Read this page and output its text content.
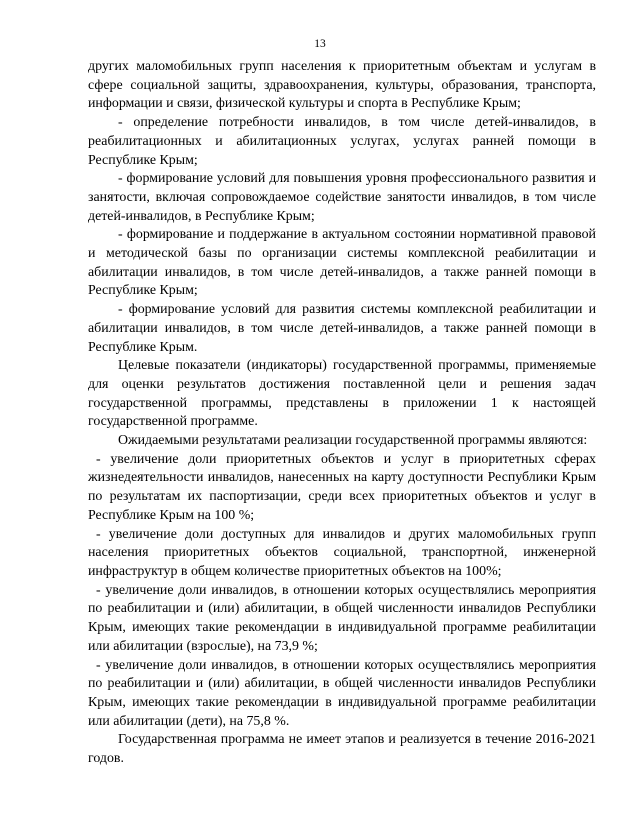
13

других маломобильных групп населения к приоритетным объектам и услугам в сфере социальной защиты, здравоохранения, культуры, образования, транспорта, информации и связи, физической культуры и спорта в Республике Крым;

- определение потребности инвалидов, в том числе детей-инвалидов, в реабилитационных и абилитационных услугах, услугах ранней помощи в Республике Крым;

- формирование условий для повышения уровня профессионального развития и занятости, включая сопровождаемое содействие занятости инвалидов, в том числе детей-инвалидов, в Республике Крым;

- формирование и поддержание в актуальном состоянии нормативной правовой и методической базы по организации системы комплексной реабилитации и абилитации инвалидов, в том числе детей-инвалидов, а также ранней помощи в Республике Крым;

- формирование условий для развития системы комплексной реабилитации и абилитации инвалидов, в том числе детей-инвалидов, а также ранней помощи в Республике Крым.

Целевые показатели (индикаторы) государственной программы, применяемые для оценки результатов достижения поставленной цели и решения задач государственной программы, представлены в приложении 1 к настоящей государственной программе.

Ожидаемыми результатами реализации государственной программы являются:

- увеличение доли приоритетных объектов и услуг в приоритетных сферах жизнедеятельности инвалидов, нанесенных на карту доступности Республики Крым по результатам их паспортизации, среди всех приоритетных объектов и услуг в Республике Крым на 100 %;

- увеличение доли доступных для инвалидов и других маломобильных групп населения приоритетных объектов социальной, транспортной, инженерной инфраструктур в общем количестве приоритетных объектов на 100%;

- увеличение доли инвалидов, в отношении которых осуществлялись мероприятия по реабилитации и (или) абилитации, в общей численности инвалидов Республики Крым, имеющих такие рекомендации в индивидуальной программе реабилитации или абилитации (взрослые), на 73,9 %;

- увеличение доли инвалидов, в отношении которых осуществлялись мероприятия по реабилитации и (или) абилитации, в общей численности инвалидов Республики Крым, имеющих такие рекомендации в индивидуальной программе реабилитации или абилитации (дети), на 75,8 %.

Государственная программа не имеет этапов и реализуется в течение 2016-2021 годов.
